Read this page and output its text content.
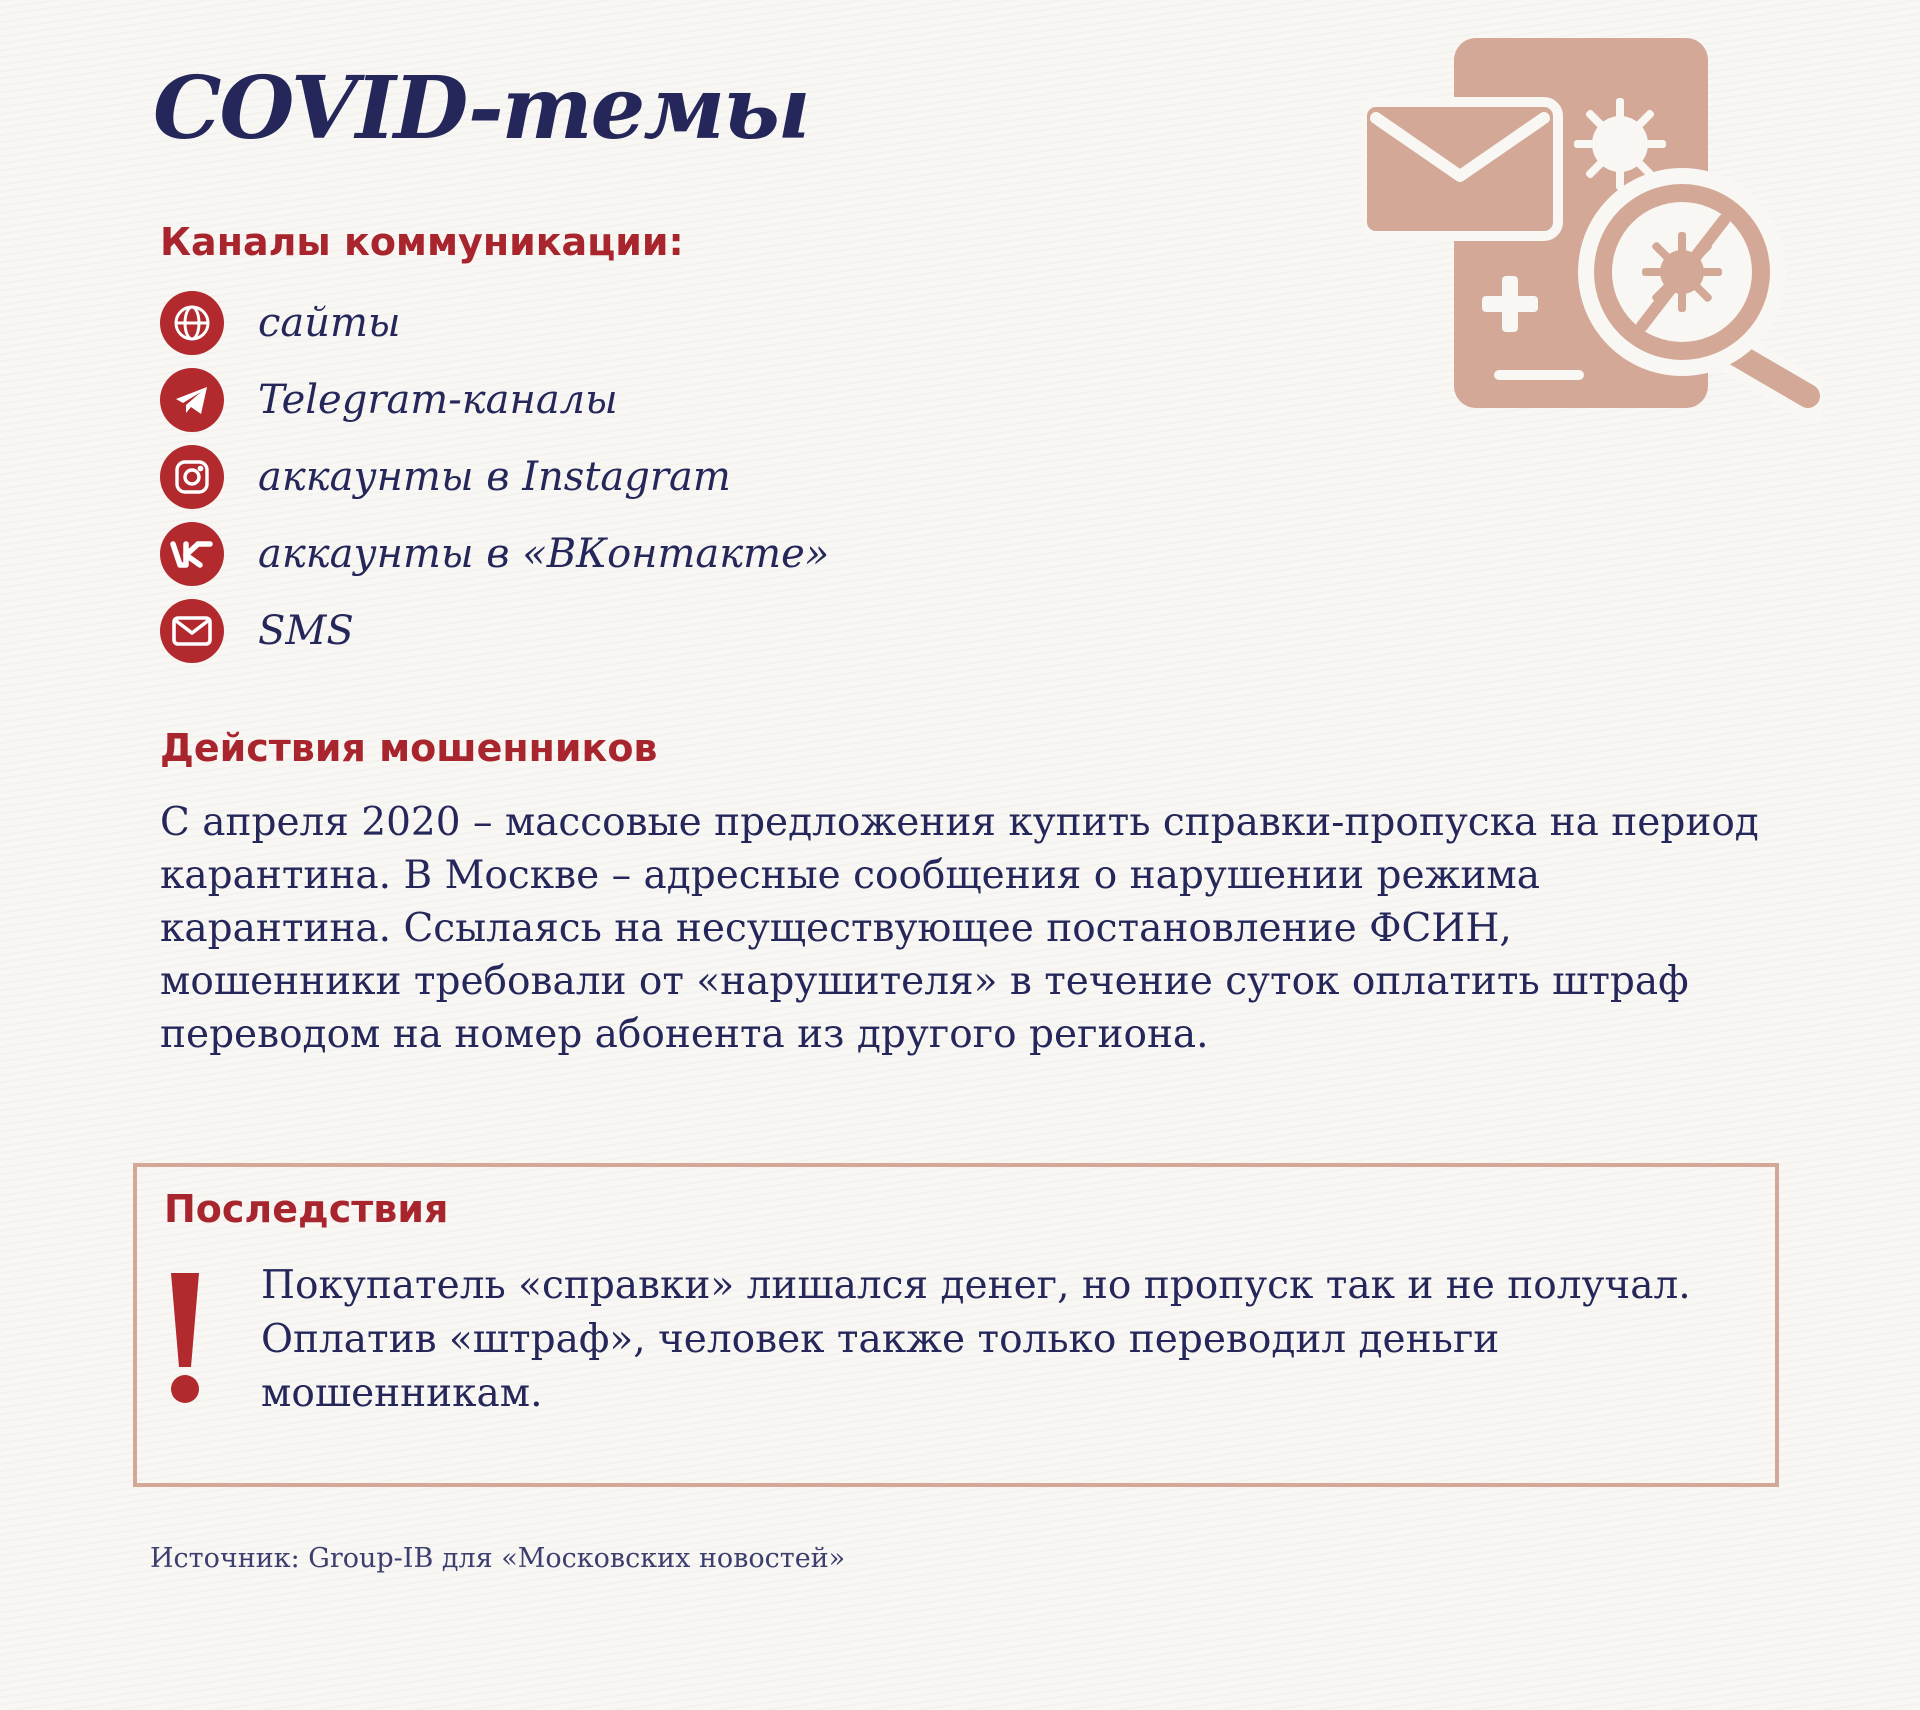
COVID-темы
Каналы коммуникации:
сайты
Telegram-каналы
аккаунты в Instagram
аккаунты в «ВКонтакте»
SMS
Действия мошенников

С апреля 2020 – массовые предложения купить справки-пропуска на период карантина. В Москве – адресные сообщения о нарушении режима карантина. Ссылаясь на несуществующее постановление ФСИН, мошенники требовали от «нарушителя» в течение суток оплатить штраф переводом на номер абонента из другого региона.

Последствия

Покупатель «справки» лишался денег, но пропуск так и не получал. Оплатив «штраф», человек также только переводил деньги мошенникам.

Источник: Group-IB для «Московских новостей»
